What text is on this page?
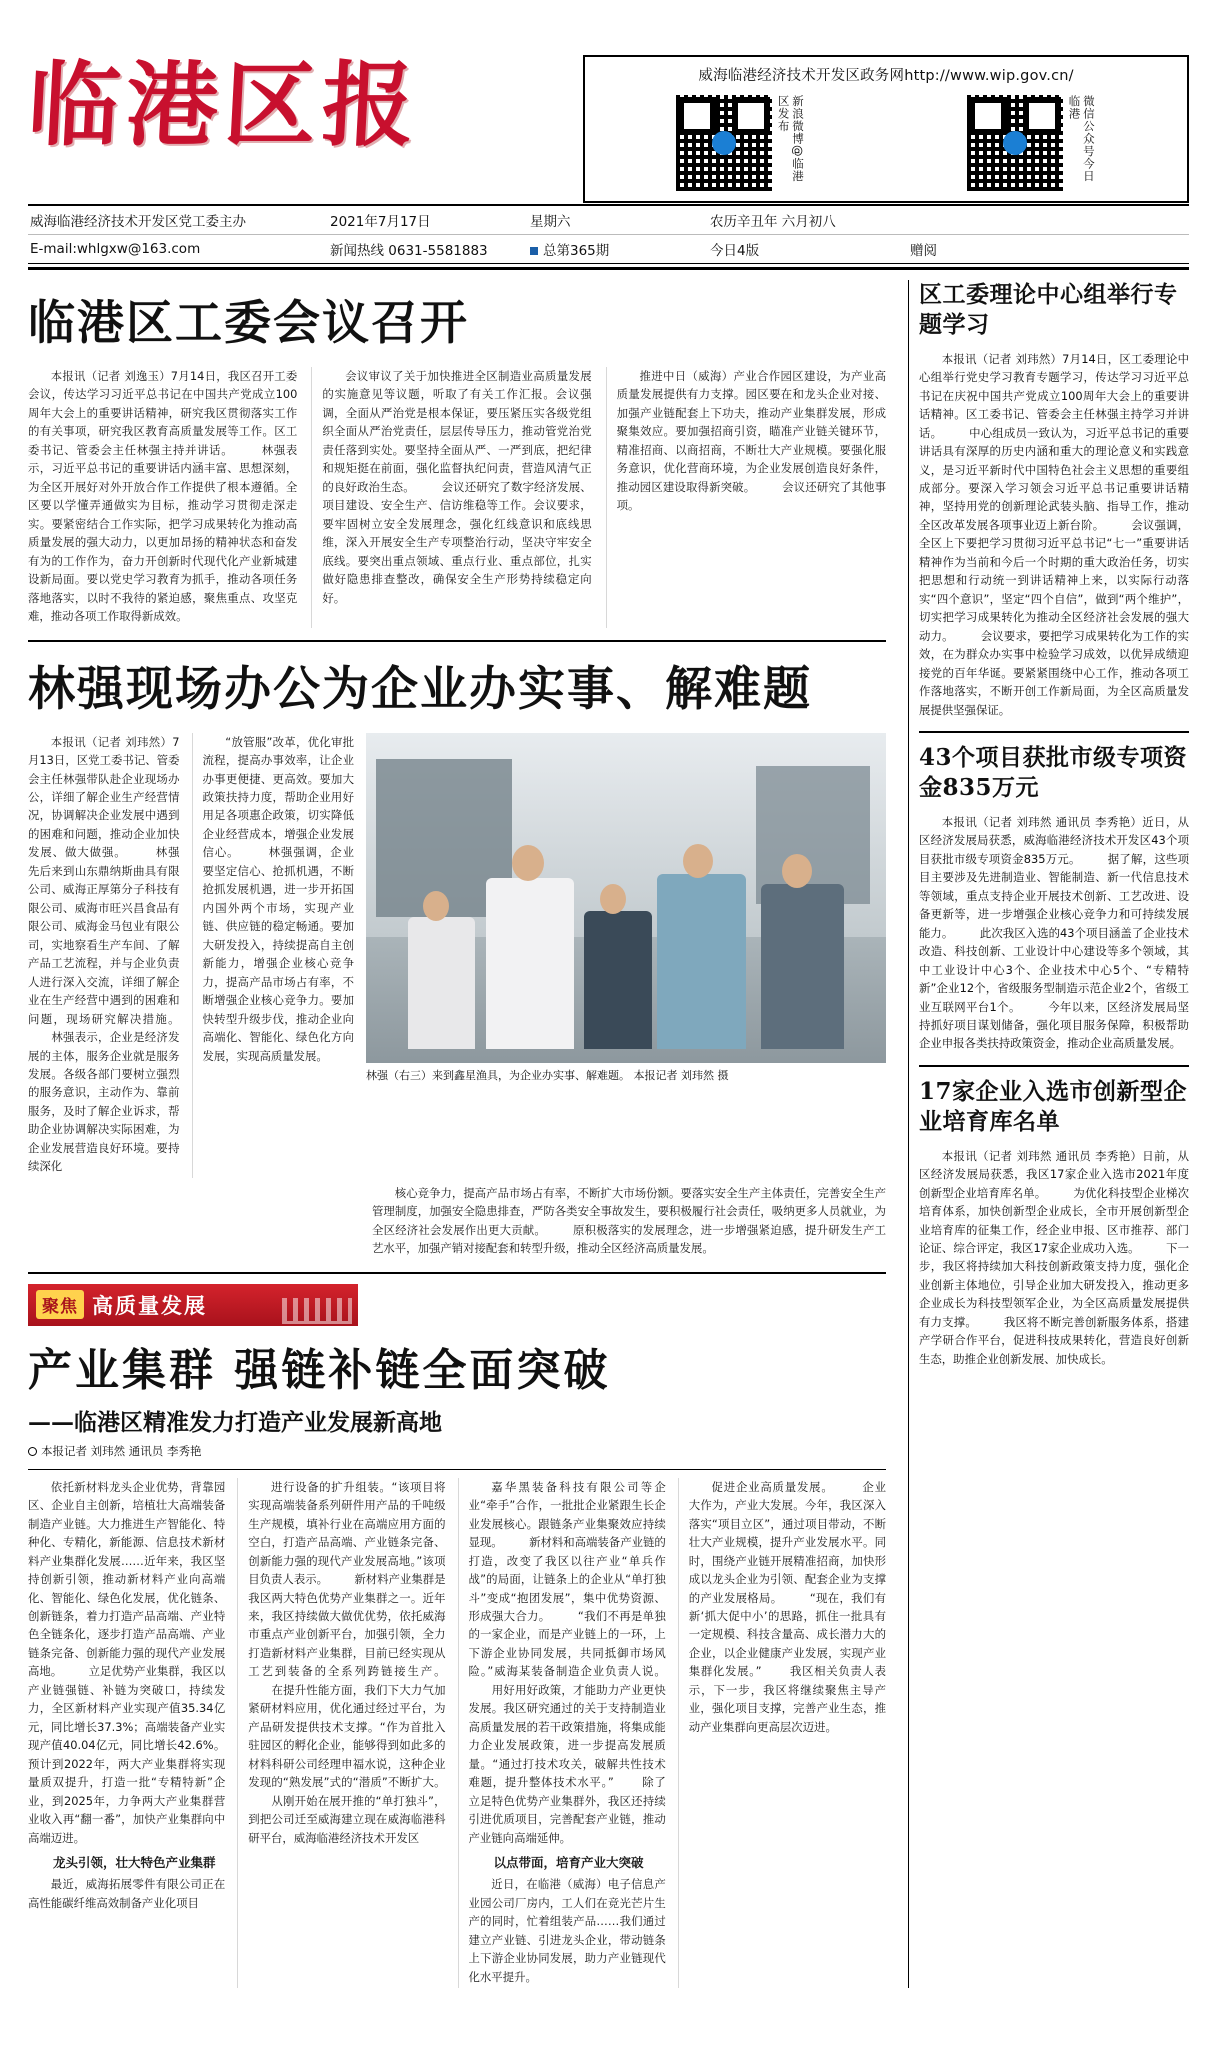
临港区报	威海临港经济技术开发区政务网http://www.wip.gov.cn/
新浪微博@临港区发布	微信公众号今日临港
威海临港经济技术开发区党工委主办	2021年7月17日	星期六	农历辛丑年 六月初八
E-mail:whlgxw@163.com	新闻热线 0631-5581883	总第365期	今日4版	赠阅
临港区工委会议召开

本报讯（记者 刘逸玉）7月14日，我区召开工委会议，传达学习习近平总书记在中国共产党成立100周年大会上的重要讲话精神，研究我区贯彻落实工作的有关事项，研究我区教育高质量发展等工作。区工委书记、管委会主任林强主持并讲话。 　　林强表示，习近平总书记的重要讲话内涵丰富、思想深刻，为全区开展好对外开放合作工作提供了根本遵循。全区要以学懂弄通做实为目标，推动学习贯彻走深走实。要紧密结合工作实际，把学习成果转化为推动高质量发展的强大动力，以更加昂扬的精神状态和奋发有为的工作作为，奋力开创新时代现代化产业新城建设新局面。要以党史学习教育为抓手，推动各项任务落地落实，以时不我待的紧迫感，聚焦重点、攻坚克难，推动各项工作取得新成效。

会议审议了关于加快推进全区制造业高质量发展的实施意见等议题，听取了有关工作汇报。会议强调，全面从严治党是根本保证，要压紧压实各级党组织全面从严治党责任，层层传导压力，推动管党治党责任落到实处。要坚持全面从严、一严到底，把纪律和规矩挺在前面，强化监督执纪问责，营造风清气正的良好政治生态。 　　会议还研究了数字经济发展、项目建设、安全生产、信访维稳等工作。会议要求，要牢固树立安全发展理念，强化红线意识和底线思维，深入开展安全生产专项整治行动，坚决守牢安全底线。要突出重点领域、重点行业、重点部位，扎实做好隐患排查整改，确保安全生产形势持续稳定向好。

推进中日（威海）产业合作园区建设，为产业高质量发展提供有力支撑。园区要在和龙头企业对接、加强产业链配套上下功夫，推动产业集群发展，形成聚集效应。要加强招商引资，瞄准产业链关键环节，精准招商、以商招商，不断壮大产业规模。要强化服务意识，优化营商环境，为企业发展创造良好条件，推动园区建设取得新突破。 　　会议还研究了其他事项。

林强现场办公为企业办实事、解难题

本报讯（记者 刘玮然）7月13日，区党工委书记、管委会主任林强带队赴企业现场办公，详细了解企业生产经营情况，协调解决企业发展中遇到的困难和问题，推动企业加快发展、做大做强。 　　林强先后来到山东鼎纳斯曲具有限公司、威海正厚第分子科技有限公司、威海市旺兴昌食品有限公司、威海金马包业有限公司，实地察看生产车间、了解产品工艺流程，并与企业负责人进行深入交流，详细了解企业在生产经营中遇到的困难和问题，现场研究解决措施。 　　林强表示，企业是经济发展的主体，服务企业就是服务发展。各级各部门要树立强烈的服务意识，主动作为、靠前服务，及时了解企业诉求，帮助企业协调解决实际困难，为企业发展营造良好环境。要持续深化

“放管服”改革，优化审批流程，提高办事效率，让企业办事更便捷、更高效。要加大政策扶持力度，帮助企业用好用足各项惠企政策，切实降低企业经营成本，增强企业发展信心。 　　林强强调，企业要坚定信心、抢抓机遇，不断抢抓发展机遇，进一步开拓国内国外两个市场，实现产业链、供应链的稳定畅通。要加大研发投入，持续提高自主创新能力，增强企业核心竞争力，提高产品市场占有率，不断增强企业核心竞争力。要加快转型升级步伐，推动企业向高端化、智能化、绿色化方向发展，实现高质量发展。

林强（右三）来到鑫星渔具，为企业办实事、解难题。 本报记者 刘玮然 摄

核心竞争力，提高产品市场占有率，不断扩大市场份额。要落实安全生产主体责任，完善安全生产管理制度，加强安全隐患排查，严防各类安全事故发生，要积极履行社会责任，吸纳更多人员就业，为全区经济社会发展作出更大贡献。 　　原积极落实的发展理念，进一步增强紧迫感，提升研发生产工艺水平，加强产销对接配套和转型升级，推动全区经济高质量发展。

聚焦 高质量发展
产业集群 强链补链全面突破
——临港区精准发力打造产业发展新高地
本报记者 刘玮然 通讯员 李秀艳

依托新材料龙头企业优势，背靠园区、企业自主创新，培植壮大高端装备制造产业链。大力推进生产智能化、特种化、专精化，新能源、信息技术新材料产业集群化发展……近年来，我区坚持创新引领，推动新材料产业向高端化、智能化、绿色化发展，优化链条、创新链条，着力打造产品高端、产业特色全链条化，逐步打造产品高端、产业链条完备、创新能力强的现代产业发展高地。 　　立足优势产业集群，我区以产业链强链、补链为突破口，持续发力，全区新材料产业实现产值35.34亿元，同比增长37.3%；高端装备产业实现产值40.04亿元，同比增长42.6%。预计到2022年，两大产业集群将实现量质双提升，打造一批“专精特新”企业，到2025年，力争两大产业集群营业收入再“翻一番”，加快产业集群向中高端迈进。

龙头引领，壮大特色产业集群

最近，威海拓展零件有限公司正在高性能碳纤维高效制备产业化项目

进行设备的扩升组装。“该项目将实现高端装备系列研件用产品的千吨级生产规模，填补行业在高端应用方面的空白，打造产品高端、产业链条完备、创新能力强的现代产业发展高地。”该项目负责人表示。 　　新材料产业集群是我区两大特色优势产业集群之一。近年来，我区持续做大做优优势，依托威海市重点产业创新平台，加强引领，全力打造新材料产业集群，目前已经实现从工艺到装备的全系列跨链接生产。 　　在提升性能方面，我们下大力气加紧研材料应用，优化通过经过平台，为产品研发提供技术支撑。“作为首批入驻园区的孵化企业，能够得到如此多的材料科研公司经理申福水说，这种企业发现的“熟发展”式的“潜质”不断扩大。 　　从刚开始在展开推的“单打独斗”，到把公司迁至威海建立现在威海临港科研平台，威海临港经济技术开发区

嘉华黑装备科技有限公司等企业“牵手”合作，一批批企业紧跟生长企业发展核心。跟链条产业集聚效应持续显现。 　　新材料和高端装备产业链的打造，改变了我区以往产业“单兵作战”的局面，让链条上的企业从“单打独斗”变成“抱团发展”，集中优势资源、形成强大合力。 　　“我们不再是单独的一家企业，而是产业链上的一环，上下游企业协同发展，共同抵御市场风险。”威海某装备制造企业负责人说。 　　用好用好政策，才能助力产业更快发展。我区研究通过的关于支持制造业高质量发展的若干政策措施，将集成能力企业发展政策，进一步提高发展质量。“通过打技术攻关，破解共性技术难题，提升整体技术水平。” 　　除了立足特色优势产业集群外，我区还持续引进优质项目，完善配套产业链，推动产业链向高端延伸。

以点带面，培育产业大突破

近日，在临港（威海）电子信息产业园公司厂房内，工人们在竞光芒片生产的同时，忙着组装产品……我们通过建立产业链、引进龙头企业，带动链条上下游企业协同发展，助力产业链现代化水平提升。

促进企业高质量发展。 　　企业大作为，产业大发展。今年，我区深入落实“项目立区”，通过项目带动，不断壮大产业规模，提升产业发展水平。同时，围绕产业链开展精准招商，加快形成以龙头企业为引领、配套企业为支撑的产业发展格局。 　　“现在，我们有新‘抓大促中小’的思路，抓住一批具有一定规模、科技含量高、成长潜力大的企业，以企业健康产业发展，实现产业集群化发展。” 　　我区相关负责人表示，下一步，我区将继续聚焦主导产业，强化项目支撑，完善产业生态，推动产业集群向更高层次迈进。

区工委理论中心组举行专题学习

本报讯（记者 刘玮然）7月14日，区工委理论中心组举行党史学习教育专题学习，传达学习习近平总书记在庆祝中国共产党成立100周年大会上的重要讲话精神。区工委书记、管委会主任林强主持学习并讲话。 　　中心组成员一致认为，习近平总书记的重要讲话具有深厚的历史内涵和重大的理论意义和实践意义，是习近平新时代中国特色社会主义思想的重要组成部分。要深入学习领会习近平总书记重要讲话精神，坚持用党的创新理论武装头脑、指导工作，推动全区改革发展各项事业迈上新台阶。 　　会议强调，全区上下要把学习贯彻习近平总书记“七一”重要讲话精神作为当前和今后一个时期的重大政治任务，切实把思想和行动统一到讲话精神上来，以实际行动落实“四个意识”，坚定“四个自信”，做到“两个维护”，切实把学习成果转化为推动全区经济社会发展的强大动力。 　　会议要求，要把学习成果转化为工作的实效，在为群众办实事中检验学习成效，以优异成绩迎接党的百年华诞。要紧紧围绕中心工作，推动各项工作落地落实，不断开创工作新局面，为全区高质量发展提供坚强保证。

43个项目获批市级专项资金835万元

本报讯（记者 刘玮然 通讯员 李秀艳）近日，从区经济发展局获悉，威海临港经济技术开发区43个项目获批市级专项资金835万元。 　　据了解，这些项目主要涉及先进制造业、智能制造、新一代信息技术等领域，重点支持企业开展技术创新、工艺改进、设备更新等，进一步增强企业核心竞争力和可持续发展能力。 　　此次我区入选的43个项目涵盖了企业技术改造、科技创新、工业设计中心建设等多个领域，其中工业设计中心3个、企业技术中心5个、“专精特新”企业12个，省级服务型制造示范企业2个，省级工业互联网平台1个。 　　今年以来，区经济发展局坚持抓好项目谋划储备，强化项目服务保障，积极帮助企业申报各类扶持政策资金，推动企业高质量发展。

17家企业入选市创新型企业培育库名单

本报讯（记者 刘玮然 通讯员 李秀艳）日前，从区经济发展局获悉，我区17家企业入选市2021年度创新型企业培育库名单。 　　为优化科技型企业梯次培育体系，加快创新型企业成长，全市开展创新型企业培育库的征集工作，经企业申报、区市推荐、部门论证、综合评定，我区17家企业成功入选。 　　下一步，我区将持续加大科技创新政策支持力度，强化企业创新主体地位，引导企业加大研发投入，推动更多企业成长为科技型领军企业，为全区高质量发展提供有力支撑。 　　我区将不断完善创新服务体系，搭建产学研合作平台，促进科技成果转化，营造良好创新生态，助推企业创新发展、加快成长。
